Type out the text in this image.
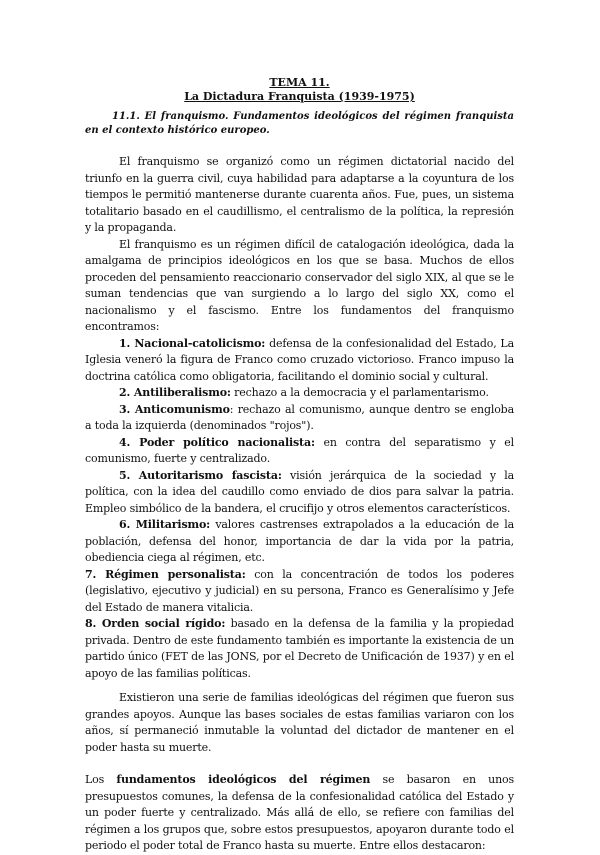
TEMA 11.
La Dictadura Franquista (1939-1975)
11.1. El franquismo. Fundamentos ideológicos del régimen franquista en el contexto histórico europeo.

El franquismo se organizó como un régimen dictatorial nacido del triunfo en la guerra civil, cuya habilidad para adaptarse a la coyuntura de los tiempos le permitió mantenerse durante cuarenta años. Fue, pues, un sistema totalitario basado en el caudillismo, el centralismo de la política, la represión y la propaganda.

El franquismo es un régimen difícil de catalogación ideológica, dada la amalgama de principios ideológicos en los que se basa. Muchos de ellos proceden del pensamiento reaccionario conservador del siglo XIX, al que se le suman tendencias que van surgiendo a lo largo del siglo XX, como el nacionalismo y el fascismo. Entre los fundamentos del franquismo encontramos:

1. Nacional-catolicismo: defensa de la confesionalidad del Estado, La Iglesia veneró la figura de Franco como cruzado victorioso. Franco impuso la doctrina católica como obligatoria, facilitando el dominio social y cultural.

2. Antiliberalismo: rechazo a la democracia y el parlamentarismo.

3. Anticomunismo: rechazo al comunismo, aunque dentro se engloba a toda la izquierda (denominados "rojos").

4. Poder político nacionalista: en contra del separatismo y el comunismo, fuerte y centralizado.

5. Autoritarismo fascista: visión jerárquica de la sociedad y la política, con la idea del caudillo como enviado de dios para salvar la patria. Empleo simbólico de la bandera, el crucifijo y otros elementos característicos.

6. Militarismo: valores castrenses extrapolados a la educación de la población, defensa del honor, importancia de dar la vida por la patria, obediencia ciega al régimen, etc.

7. Régimen personalista: con la concentración de todos los poderes (legislativo, ejecutivo y judicial) en su persona, Franco es Generalísimo y Jefe del Estado de manera vitalicia.

8. Orden social rígido: basado en la defensa de la familia y la propiedad privada. Dentro de este fundamento también es importante la existencia de un partido único (FET de las JONS, por el Decreto de Unificación de 1937) y en el apoyo de las familias políticas.

Existieron una serie de familias ideológicas del régimen que fueron sus grandes apoyos. Aunque las bases sociales de estas familias variaron con los años, sí permaneció inmutable la voluntad del dictador de mantener en el poder hasta su muerte.

Los fundamentos ideológicos del régimen se basaron en unos presupuestos comunes, la defensa de la confesionalidad católica del Estado y un poder fuerte y centralizado. Más allá de ello, se refiere con familias del régimen a los grupos que, sobre estos presupuestos, apoyaron durante todo el periodo el poder total de Franco hasta su muerte. Entre ellos destacaron:
